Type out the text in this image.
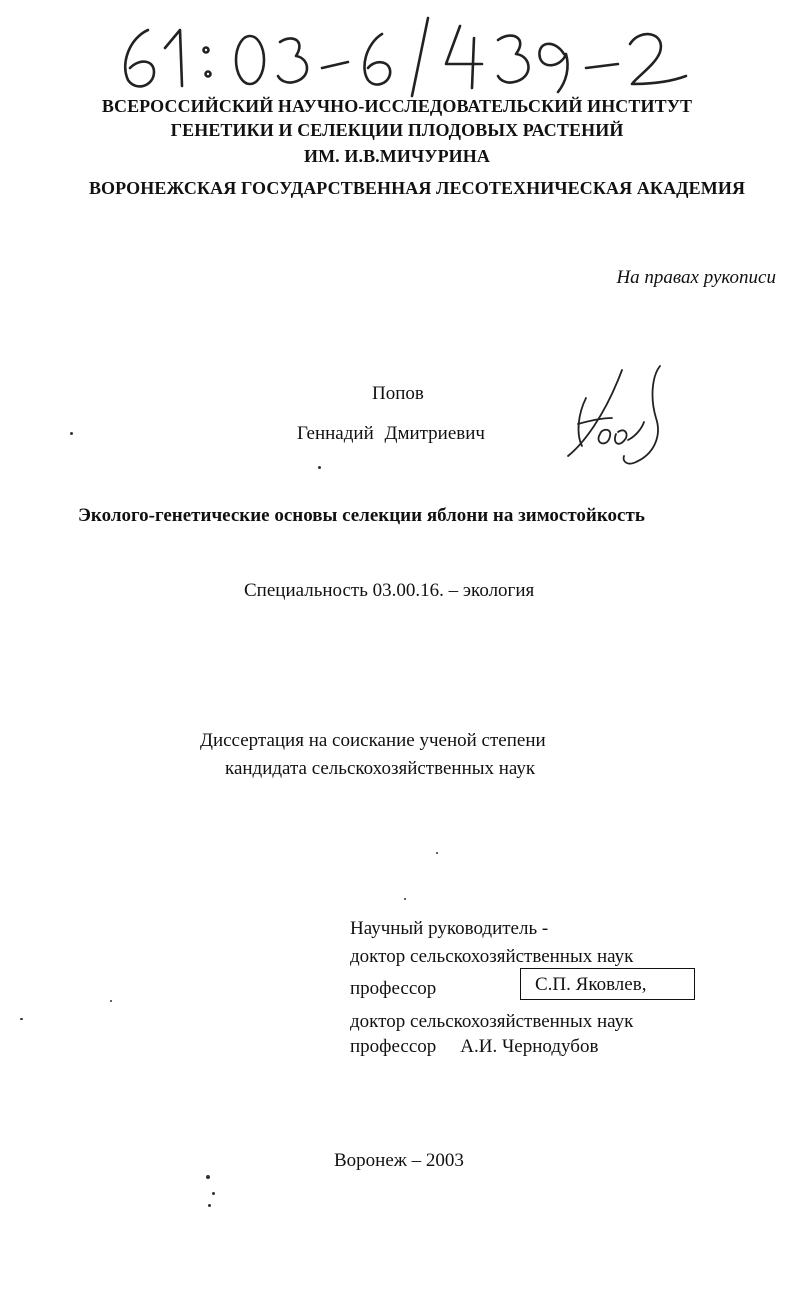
ВСЕРОССИЙСКИЙ НАУЧНО-ИССЛЕДОВАТЕЛЬСКИЙ ИНСТИТУТ
ГЕНЕТИКИ И СЕЛЕКЦИИ ПЛОДОВЫХ РАСТЕНИЙ
ИМ. И.В.МИЧУРИНА
ВОРОНЕЖСКАЯ ГОСУДАРСТВЕННАЯ ЛЕСОТЕХНИЧЕСКАЯ АКАДЕМИЯ
На правах рукописи
Попов
Геннадий Дмитриевич
Эколого-генетические основы селекции яблони на зимостойкость
Специальность 03.00.16. – экология
Диссертация на соискание ученой степени
кандидата сельскохозяйственных наук
Научный руководитель -
доктор сельскохозяйственных наук
профессор	С.П. Яковлев,
доктор сельскохозяйственных наук
профессор А.И. Чернодубов
Воронеж – 2003
